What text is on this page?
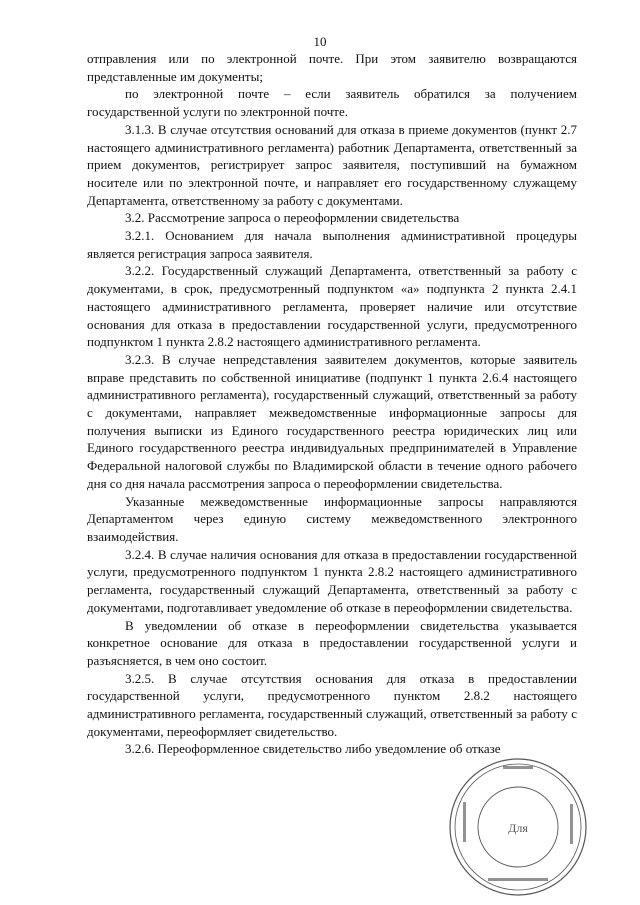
10

отправления или по электронной почте. При этом заявителю возвращаются представленные им документы;

по электронной почте – если заявитель обратился за получением государственной услуги по электронной почте.

3.1.3. В случае отсутствия оснований для отказа в приеме документов (пункт 2.7 настоящего административного регламента) работник Департамента, ответственный за прием документов, регистрирует запрос заявителя, поступивший на бумажном носителе или по электронной почте, и направляет его государственному служащему Департамента, ответственному за работу с документами.

3.2. Рассмотрение запроса о переоформлении свидетельства

3.2.1. Основанием для начала выполнения административной процедуры является регистрация запроса заявителя.

3.2.2. Государственный служащий Департамента, ответственный за работу с документами, в срок, предусмотренный подпунктом «а» подпункта 2 пункта 2.4.1 настоящего административного регламента, проверяет наличие или отсутствие основания для отказа в предоставлении государственной услуги, предусмотренного подпунктом 1 пункта 2.8.2 настоящего административного регламента.

3.2.3. В случае непредставления заявителем документов, которые заявитель вправе представить по собственной инициативе (подпункт 1 пункта 2.6.4 настоящего административного регламента), государственный служащий, ответственный за работу с документами, направляет межведомственные информационные запросы для получения выписки из Единого государственного реестра юридических лиц или Единого государственного реестра индивидуальных предпринимателей в Управление Федеральной налоговой службы по Владимирской области в течение одного рабочего дня со дня начала рассмотрения запроса о переоформлении свидетельства.

Указанные межведомственные информационные запросы направляются Департаментом через единую систему межведомственного электронного взаимодействия.

3.2.4. В случае наличия основания для отказа в предоставлении государственной услуги, предусмотренного подпунктом 1 пункта 2.8.2 настоящего административного регламента, государственный служащий Департамента, ответственный за работу с документами, подготавливает уведомление об отказе в переоформлении свидетельства.

В уведомлении об отказе в переоформлении свидетельства указывается конкретное основание для отказа в предоставлении государственной услуги и разъясняется, в чем оно состоит.

3.2.5. В случае отсутствия основания для отказа в предоставлении государственной услуги, предусмотренного пунктом 2.8.2 настоящего административного регламента, государственный служащий, ответственный за работу с документами, переоформляет свидетельство.

3.2.6. Переоформленное свидетельство либо уведомление об отказе

Для
